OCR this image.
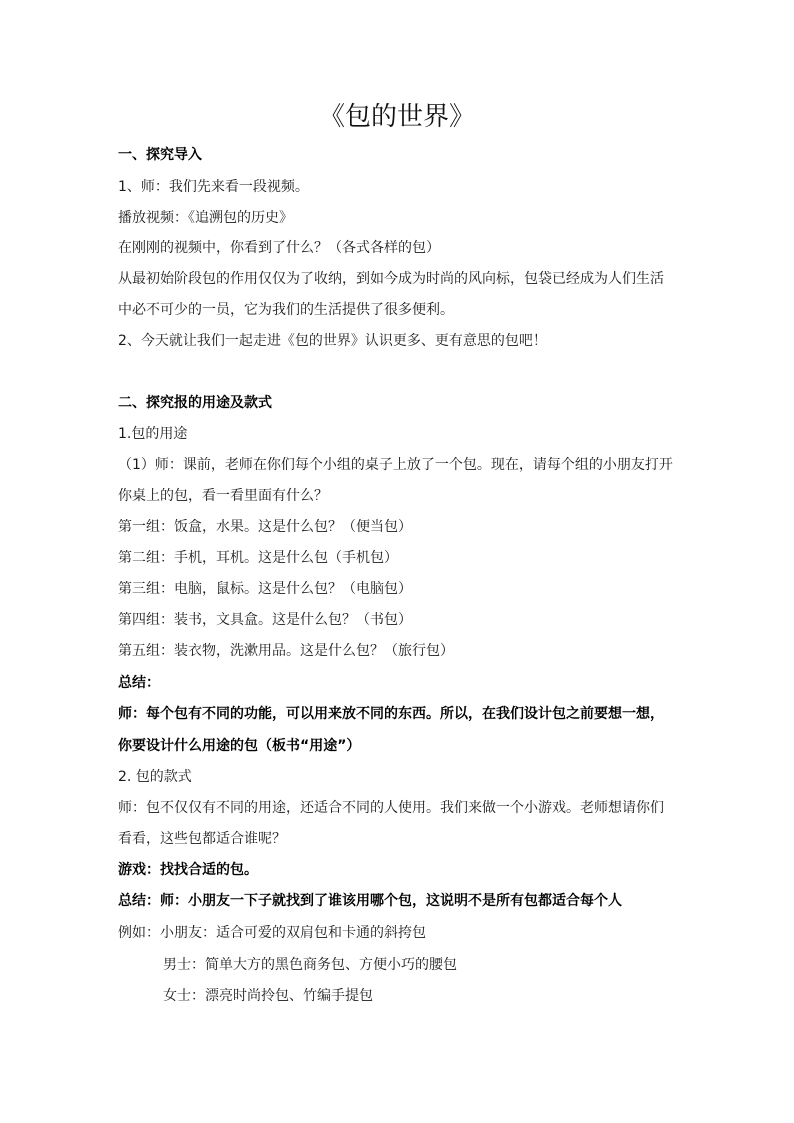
《包的世界》
一、探究导入
1、师：我们先来看一段视频。
播放视频：《追溯包的历史》
在刚刚的视频中，你看到了什么？（各式各样的包）
从最初始阶段包的作用仅仅为了收纳，到如今成为时尚的风向标，包袋已经成为人们生活
中必不可少的一员，它为我们的生活提供了很多便利。
2、今天就让我们一起走进《包的世界》认识更多、更有意思的包吧！
二、探究报的用途及款式
1.包的用途
（1）师：课前，老师在你们每个小组的桌子上放了一个包。现在，请每个组的小朋友打开
你桌上的包，看一看里面有什么？
第一组：饭盒，水果。这是什么包？（便当包）
第二组：手机，耳机。这是什么包（手机包）
第三组：电脑，鼠标。这是什么包？（电脑包）
第四组：装书，文具盒。这是什么包？（书包）
第五组：装衣物，洗漱用品。这是什么包？（旅行包）
总结：
师：每个包有不同的功能，可以用来放不同的东西。所以，在我们设计包之前要想一想，
你要设计什么用途的包（板书“用途”）
2. 包的款式
师：包不仅仅有不同的用途，还适合不同的人使用。我们来做一个小游戏。老师想请你们
看看，这些包都适合谁呢？
游戏：找找合适的包。
总结：师：小朋友一下子就找到了谁该用哪个包，这说明不是所有包都适合每个人
例如：小朋友：适合可爱的双肩包和卡通的斜挎包
男士：简单大方的黑色商务包、方便小巧的腰包
女士：漂亮时尚拎包、竹编手提包
